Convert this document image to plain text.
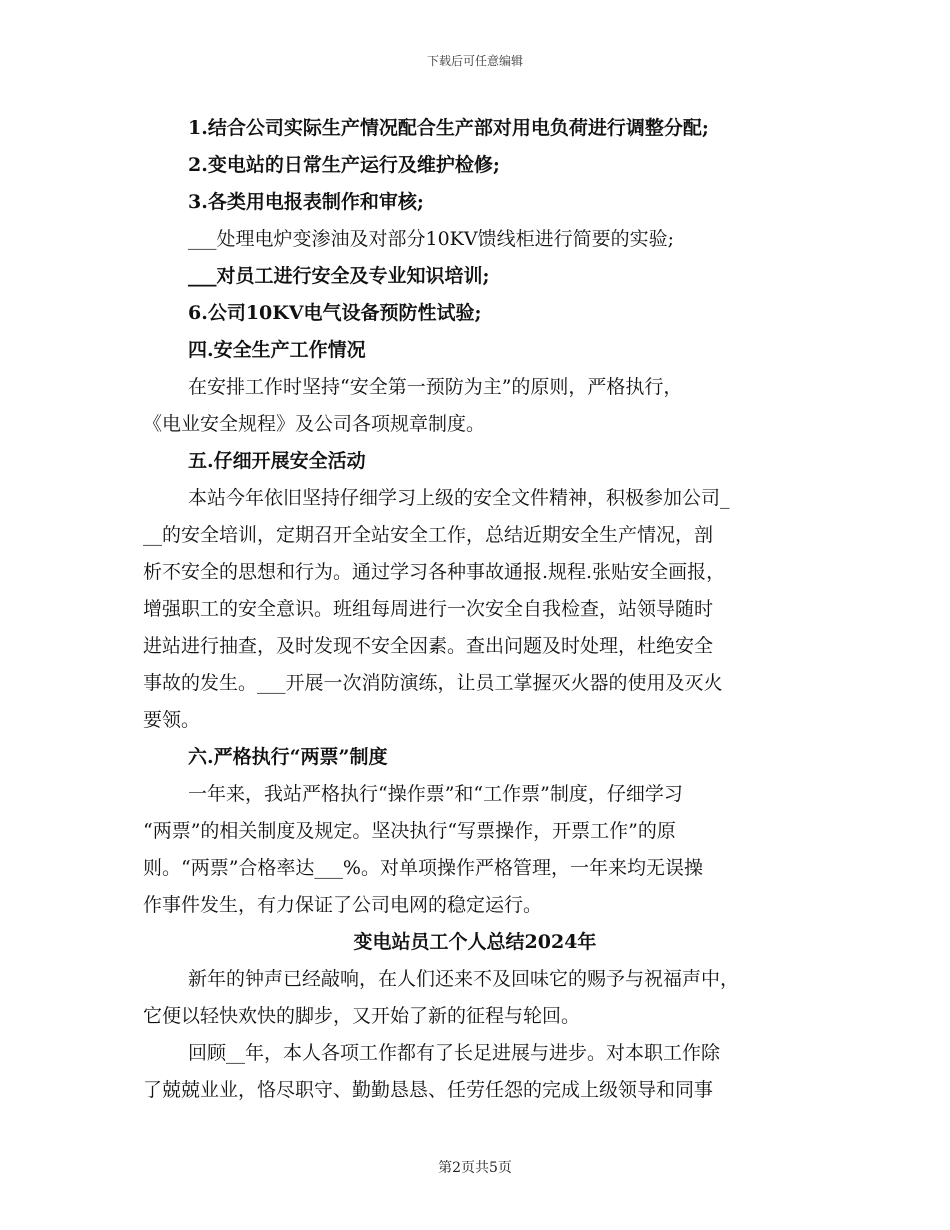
下载后可任意编辑
1.结合公司实际生产情况配合生产部对用电负荷进行调整分配;
2.变电站的日常生产运行及维护检修;
3.各类用电报表制作和审核;
___处理电炉变渗油及对部分10KV馈线柜进行简要的实验;
___对员工进行安全及专业知识培训;
6.公司10KV电气设备预防性试验;
四.安全生产工作情况
在安排工作时坚持“安全第一预防为主”的原则，严格执行，
《电业安全规程》及公司各项规章制度。
五.仔细开展安全活动
本站今年依旧坚持仔细学习上级的安全文件精神，积极参加公司_
__的安全培训，定期召开全站安全工作，总结近期安全生产情况，剖
析不安全的思想和行为。通过学习各种事故通报.规程.张贴安全画报，
增强职工的安全意识。班组每周进行一次安全自我检查，站领导随时
进站进行抽查，及时发现不安全因素。查出问题及时处理，杜绝安全
事故的发生。___开展一次消防演练，让员工掌握灭火器的使用及灭火
要领。
六.严格执行“两票”制度
一年来，我站严格执行“操作票”和“工作票”制度，仔细学习
“两票”的相关制度及规定。坚决执行“写票操作，开票工作”的原
则。“两票”合格率达___%。对单项操作严格管理，一年来均无误操
作事件发生，有力保证了公司电网的稳定运行。
变电站员工个人总结2024年
新年的钟声已经敲响，在人们还来不及回味它的赐予与祝福声中，
它便以轻快欢快的脚步，又开始了新的征程与轮回。
回顾__年，本人各项工作都有了长足进展与进步。对本职工作除
了兢兢业业，恪尽职守、勤勤恳恳、任劳任怨的完成上级领导和同事
第2页共5页
